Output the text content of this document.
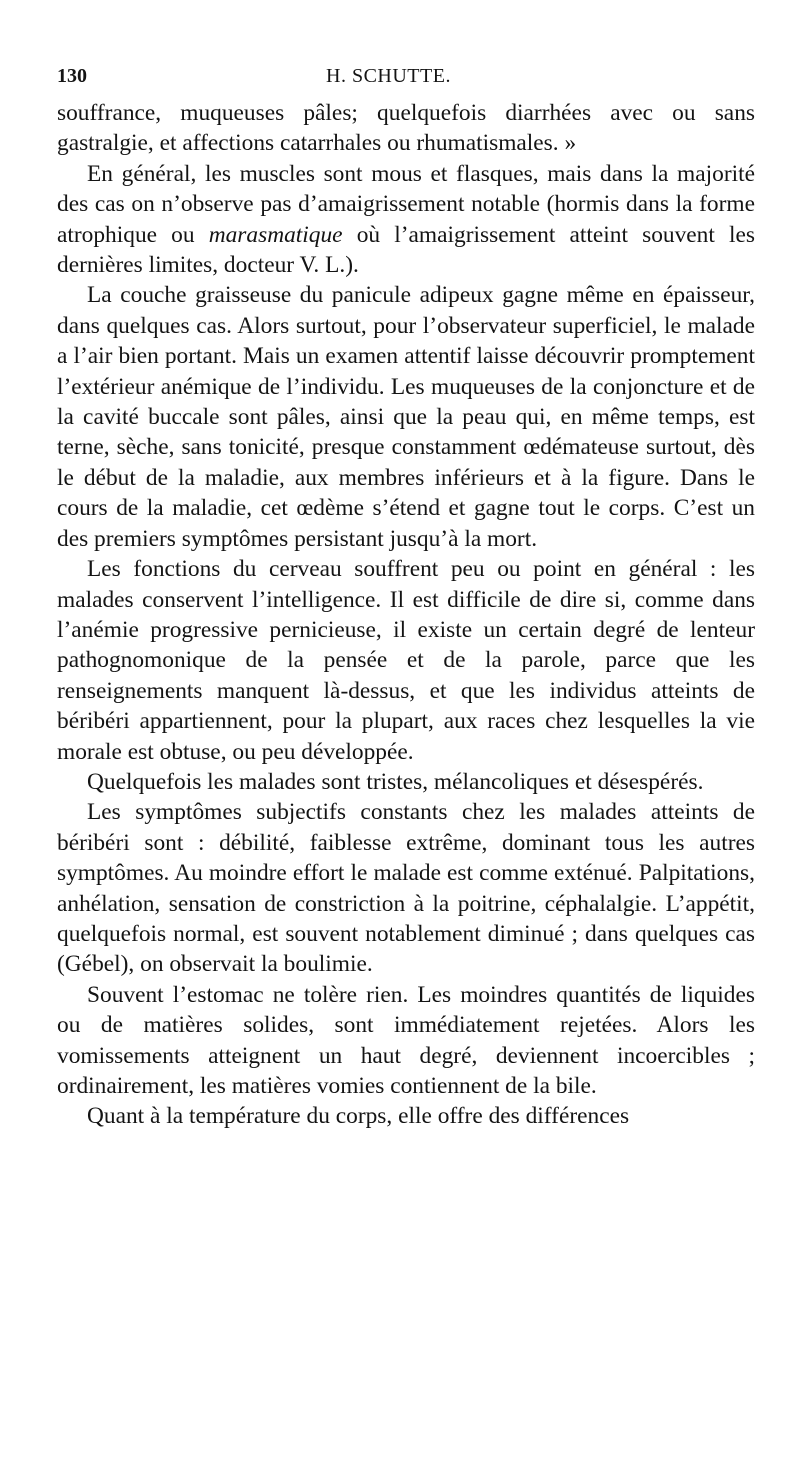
130	H. SCHUTTE.

souffrance, muqueuses pâles; quelquefois diarrhées avec ou sans gastralgie, et affections catarrhales ou rhumatismales. »

En général, les muscles sont mous et flasques, mais dans la majorité des cas on n’observe pas d’amaigrissement notable (hormis dans la forme atrophique ou marasmatique où l’amaigrissement atteint souvent les dernières limites, docteur V. L.).

La couche graisseuse du panicule adipeux gagne même en épaisseur, dans quelques cas. Alors surtout, pour l’observateur superficiel, le malade a l’air bien portant. Mais un examen attentif laisse découvrir promptement l’extérieur anémique de l’individu. Les muqueuses de la conjoncture et de la cavité buccale sont pâles, ainsi que la peau qui, en même temps, est terne, sèche, sans tonicité, presque constamment œdémateuse surtout, dès le début de la maladie, aux membres inférieurs et à la figure. Dans le cours de la maladie, cet œdème s’étend et gagne tout le corps. C’est un des premiers symptômes persistant jusqu’à la mort.

Les fonctions du cerveau souffrent peu ou point en général : les malades conservent l’intelligence. Il est difficile de dire si, comme dans l’anémie progressive pernicieuse, il existe un certain degré de lenteur pathognomonique de la pensée et de la parole, parce que les renseignements manquent là-dessus, et que les individus atteints de béribéri appartiennent, pour la plupart, aux races chez lesquelles la vie morale est obtuse, ou peu développée.

Quelquefois les malades sont tristes, mélancoliques et désespérés.

Les symptômes subjectifs constants chez les malades atteints de béribéri sont : débilité, faiblesse extrême, dominant tous les autres symptômes. Au moindre effort le malade est comme exténué. Palpitations, anhélation, sensation de constriction à la poitrine, céphalalgie. L’appétit, quelquefois normal, est souvent notablement diminué ; dans quelques cas (Gébel), on observait la boulimie.

Souvent l’estomac ne tolère rien. Les moindres quantités de liquides ou de matières solides, sont immédiatement rejetées. Alors les vomissements atteignent un haut degré, deviennent incoercibles ; ordinairement, les matières vomies contiennent de la bile.

Quant à la température du corps, elle offre des différences
